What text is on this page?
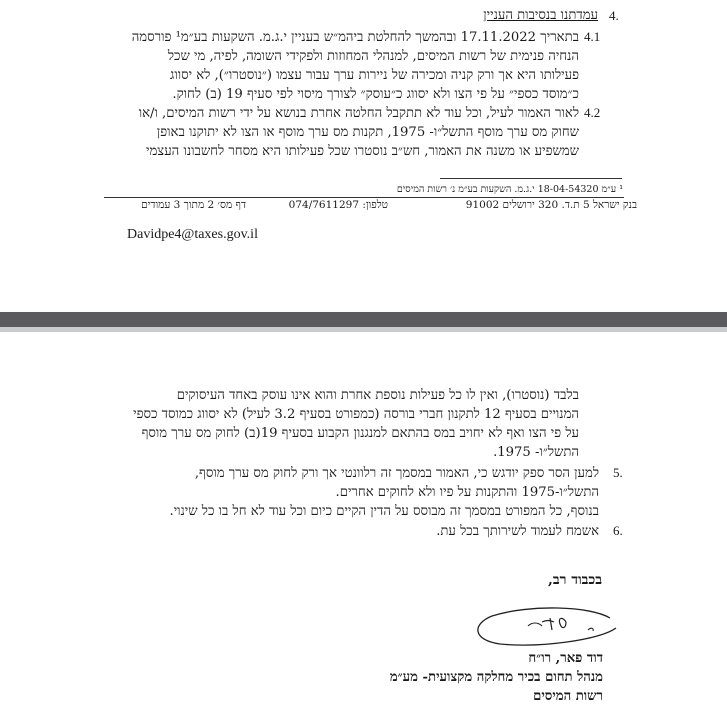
4.
עמדתנו בנסיבות העניין
4.1
בתאריך 17.11.2022 ובהמשך להחלטת ביהמ״ש בעניין י.ג.מ. השקעות בע״מ¹ פורסמה
הנחיה פנימית של רשות המיסים, למנהלי המחוזות ולפקידי השומה, לפיה, מי שכל
פעילותו היא אך ורק קניה ומכירה של ניירות ערך עבור עצמו (״נוסטרו״), לא יסווג
כ״מוסד כספי״ על פי הצו ולא יסווג כ״עוסק״ לצורך מיסוי לפי סעיף 19 (ב) לחוק.
4.2
לאור האמור לעיל, וכל עוד לא תתקבל החלטה אחרת בנושא על ידי רשות המיסים, ו/או
שחוק מס ערך מוסף התשל״ו- 1975, תקנות מס ערך מוסף או הצו לא יתוקנו באופן
שמשפיע או משנה את האמור, חש״ב נוסטרו שכל פעילותו היא מסחר לחשבונו העצמי
¹ ע״מ 18-04-54320 י.ג.מ. השקעות בע״מ נ׳ רשות המיסים
בנק ישראל 5 ת.ד. 320 ירושלים 91002
טלפון: 074/7611297
דף מס׳ 2 מתוך 3 עמודים
Davidpe4@taxes.gov.il
בלבד (נוסטרו), ואין לו כל פעילות נוספת אחרת והוא אינו עוסק באחד העיסוקים
המנויים בסעיף 12 לתקנון חברי בורסה (כמפורט בסעיף 3.2 לעיל) לא יסווג כמוסד כספי
על פי הצו ואף לא יחויב במס בהתאם למנגנון הקבוע בסעיף 19(ב) לחוק מס ערך מוסף
התשל״ו- 1975.
5.
למען הסר ספק יודגש כי, האמור במסמך זה רלוונטי אך ורק לחוק מס ערך מוסף,
התשל״ו-1975 והתקנות על פיו ולא לחוקים אחרים.
בנוסף, כל המפורט במסמך זה מבוסס על הדין הקיים כיום וכל עוד לא חל בו כל שינוי.
6.
אשמח לעמוד לשירותך בכל עת.
בכבוד רב,
דוד פאר, רו״ח
מנהל תחום בכיר מחלקה מקצועית- מע״מ
רשות המיסים
